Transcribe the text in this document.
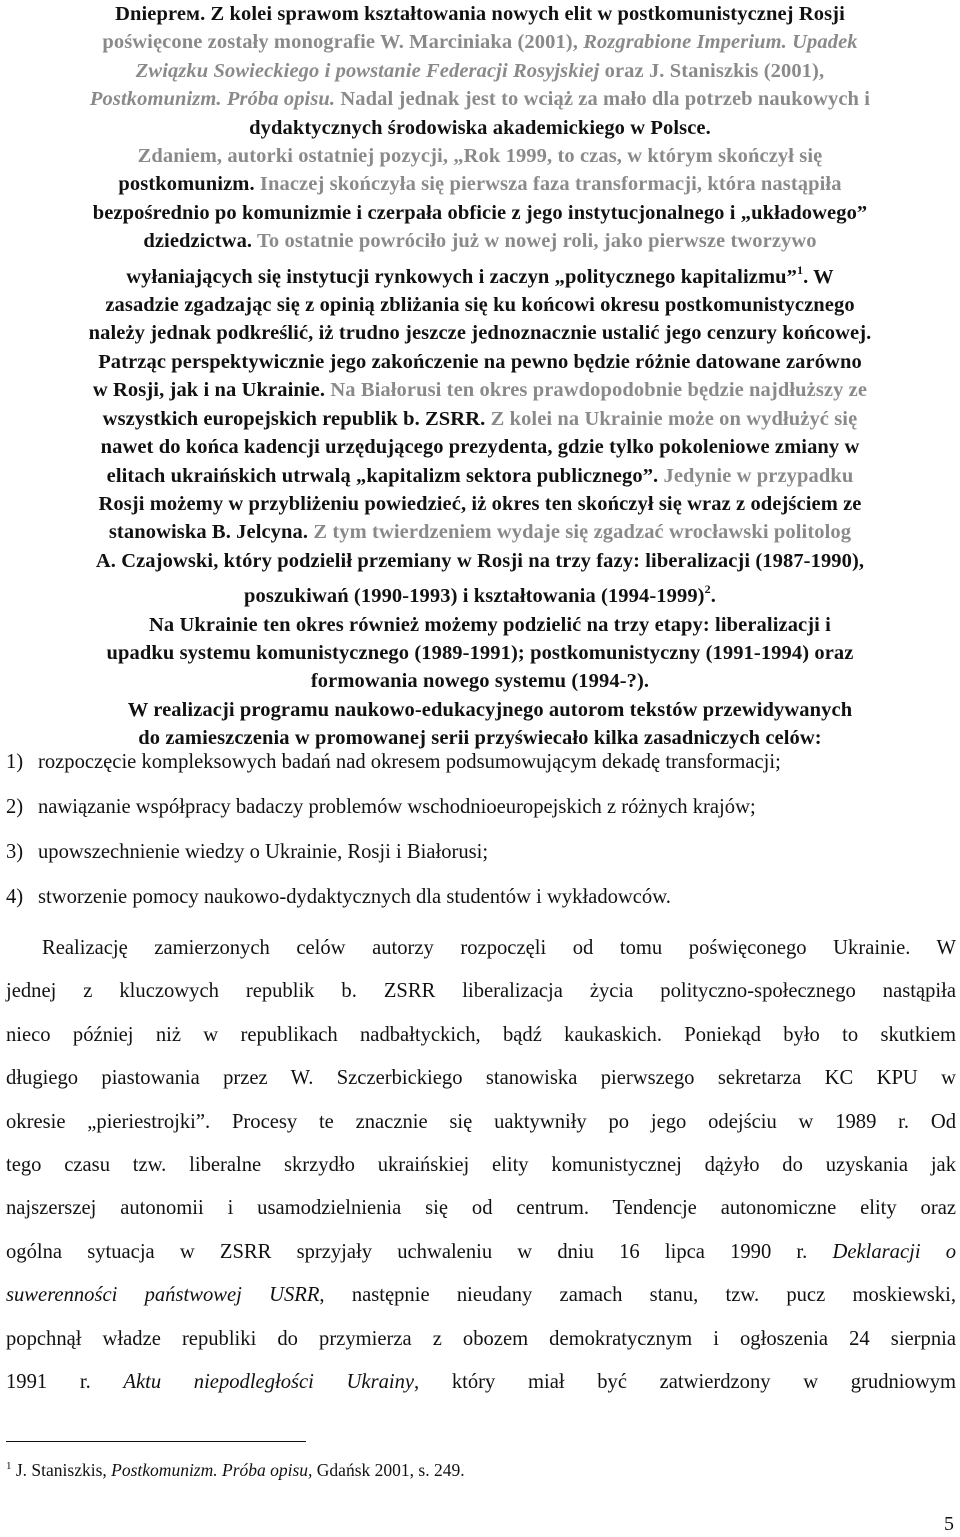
Dniepreм. Z kolei sprawom kształtowania nowych elit w postkomunistycznej Rosji

poświęcone zostały monografie W. Marciniaka (2001), Rozgrabione Imperium. Upadek

Związku Sowieckiego i powstanie Federacji Rosyjskiej oraz J. Staniszkis (2001),

Postkomunizm. Próba opisu. Nadal jednak jest to wciąż za mało dla potrzeb naukowych i

dydaktycznych środowiska akademickiego w Polsce.

Zdaniem, autorki ostatniej pozycji, „Rok 1999, to czas, w którym skończył się

postkomunizm. Inaczej skończyła się pierwsza faza transformacji, która nastąpiła

bezpośrednio po komunizmie i czerpała obficie z jego instytucjonalnego i „układowego”

dziedzictwa. To ostatnie powróciło już w nowej roli, jako pierwsze tworzywo

wyłaniających się instytucji rynkowych i zaczyn „politycznego kapitalizmu”$^1$. W

zasadzie zgadzając się z opinią zbliżania się ku końcowi okresu postkomunistycznego

należy jednak podkreślić, iż trudno jeszcze jednoznacznie ustalić jego cenzury końcowej.

Patrząc perspektywicznie jego zakończenie na pewno będzie różnie datowane zarówno

w Rosji, jak i na Ukrainie. Na Białorusi ten okres prawdopodobnie będzie najdłuższy ze

wszystkich europejskich republik b. ZSRR. Z kolei na Ukrainie może on wydłużyć się

nawet do końca kadencji urzędującego prezydenta, gdzie tylko pokoleniowe zmiany w

elitach ukraińskich utrwalą „kapitalizm sektora publicznego”. Jedynie w przypadku

Rosji możemy w przybliżeniu powiedzieć, iż okres ten skończył się wraz z odejściem ze

stanowiska B. Jelcyna. Z tym twierdzeniem wydaje się zgadzać wrocławski politolog

A. Czajowski, który podzielił przemiany w Rosji na trzy fazy: liberalizacji (1987-1990),

poszukiwań (1990-1993) i kształtowania (1994-1999)$^2$.

Na Ukrainie ten okres również możemy podzielić na trzy etapy: liberalizacji i

upadku systemu komunistycznego (1989-1991); postkomunistyczny (1991-1994) oraz

formowania nowego systemu (1994-?).

W realizacji programu naukowo-edukacyjnego autorom tekstów przewidywanych

do zamieszczenia w promowanej serii przyświecało kilka zasadniczych celów:

1) rozpoczęcie kompleksowych badań nad okresem podsumowującym dekadę transformacji;
2) nawiązanie współpracy badaczy problemów wschodnioeuropejskich z różnych krajów;
3) upowszechnienie wiedzy o Ukrainie, Rosji i Białorusi;
4) stworzenie pomocy naukowo-dydaktycznych dla studentów i wykładowców.
Realizację zamierzonych celów autorzy rozpoczęli od tomu poświęconego Ukrainie. W
jednej z kluczowych republik b. ZSRR liberalizacja życia polityczno-społecznego nastąpiła
nieco później niż w republikach nadbałtyckich, bądź kaukaskich. Poniekąd było to skutkiem
długiego piastowania przez W. Szczerbickiego stanowiska pierwszego sekretarza KC KPU w
okresie „pieriestrojki”. Procesy te znacznie się uaktywniły po jego odejściu w 1989 r. Od
tego czasu tzw. liberalne skrzydło ukraińskiej elity komunistycznej dążyło do uzyskania jak
najszerszej autonomii i usamodzielnienia się od centrum. Tendencje autonomiczne elity oraz
ogólna sytuacja w ZSRR sprzyjały uchwaleniu w dniu 16 lipca 1990 r. Deklaracji o
suwerenności państwowej USRR, następnie nieudany zamach stanu, tzw. pucz moskiewski,
popchnął władze republiki do przymierza z obozem demokratycznym i ogłoszenia 24 sierpnia
1991 r. Aktu niepodległości Ukrainy, który miał być zatwierdzony w grudniowym
$^1$ J. Staniszkis, Postkomunizm. Próba opisu, Gdańsk 2001, s. 249.
5
